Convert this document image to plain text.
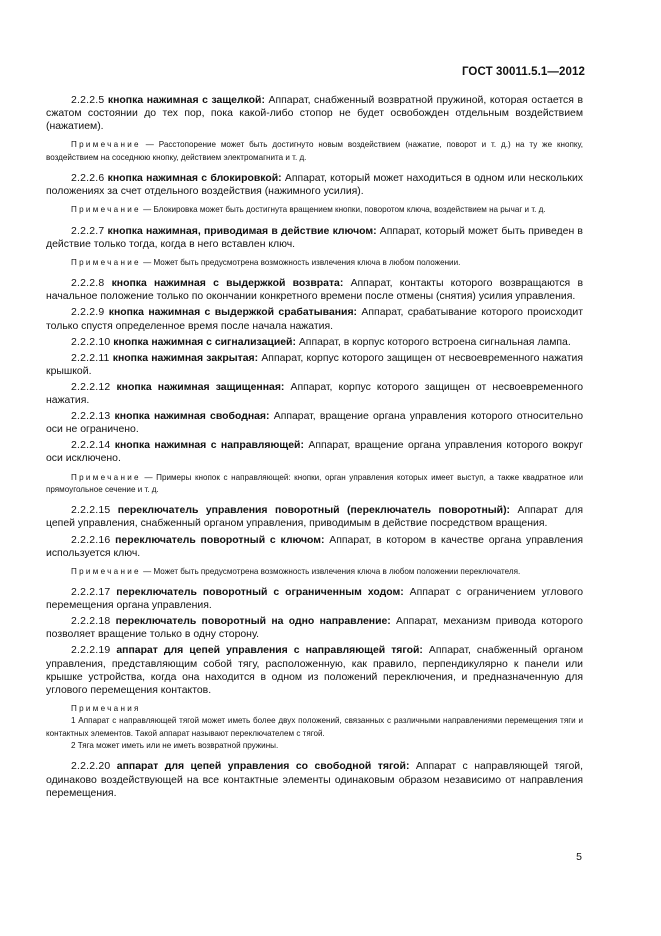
ГОСТ 30011.5.1—2012

2.2.2.5 кнопка нажимная с защелкой: Аппарат, снабженный возвратной пружиной, которая остается в сжатом состоянии до тех пор, пока какой-либо стопор не будет освобожден отдельным воздействием (нажатием).

Примечание — Расстопорение может быть достигнуто новым воздействием (нажатие, поворот и т. д.) на ту же кнопку, воздействием на соседнюю кнопку, действием электромагнита и т. д.

2.2.2.6 кнопка нажимная с блокировкой: Аппарат, который может находиться в одном или нескольких положениях за счет отдельного воздействия (нажимного усилия).

Примечание — Блокировка может быть достигнута вращением кнопки, поворотом ключа, воздействием на рычаг и т. д.

2.2.2.7 кнопка нажимная, приводимая в действие ключом: Аппарат, который может быть приведен в действие только тогда, когда в него вставлен ключ.

Примечание — Может быть предусмотрена возможность извлечения ключа в любом положении.

2.2.2.8 кнопка нажимная с выдержкой возврата: Аппарат, контакты которого возвращаются в начальное положение только по окончании конкретного времени после отмены (снятия) усилия управления.

2.2.2.9 кнопка нажимная с выдержкой срабатывания: Аппарат, срабатывание которого происходит только спустя определенное время после начала нажатия.

2.2.2.10 кнопка нажимная с сигнализацией: Аппарат, в корпус которого встроена сигнальная лампа.

2.2.2.11 кнопка нажимная закрытая: Аппарат, корпус которого защищен от несвоевременного нажатия крышкой.

2.2.2.12 кнопка нажимная защищенная: Аппарат, корпус которого защищен от несвоевременного нажатия.

2.2.2.13 кнопка нажимная свободная: Аппарат, вращение органа управления которого относительно оси не ограничено.

2.2.2.14 кнопка нажимная с направляющей: Аппарат, вращение органа управления которого вокруг оси исключено.

Примечание — Примеры кнопок с направляющей: кнопки, орган управления которых имеет выступ, а также квадратное или прямоугольное сечение и т. д.

2.2.2.15 переключатель управления поворотный (переключатель поворотный): Аппарат для цепей управления, снабженный органом управления, приводимым в действие посредством вращения.

2.2.2.16 переключатель поворотный с ключом: Аппарат, в котором в качестве органа управления используется ключ.

Примечание — Может быть предусмотрена возможность извлечения ключа в любом положении переключателя.

2.2.2.17 переключатель поворотный с ограниченным ходом: Аппарат с ограничением углового перемещения органа управления.

2.2.2.18 переключатель поворотный на одно направление: Аппарат, механизм привода которого позволяет вращение только в одну сторону.

2.2.2.19 аппарат для цепей управления с направляющей тягой: Аппарат, снабженный органом управления, представляющим собой тягу, расположенную, как правило, перпендикулярно к панели или крышке устройства, когда она находится в одном из положений переключения, и предназначенную для углового перемещения контактов.

Примечания

1 Аппарат с направляющей тягой может иметь более двух положений, связанных с различными направлениями перемещения тяги и контактных элементов. Такой аппарат называют переключателем с тягой.

2 Тяга может иметь или не иметь возвратной пружины.

2.2.2.20 аппарат для цепей управления со свободной тягой: Аппарат с направляющей тягой, одинаково воздействующей на все контактные элементы одинаковым образом независимо от направления перемещения.

5
